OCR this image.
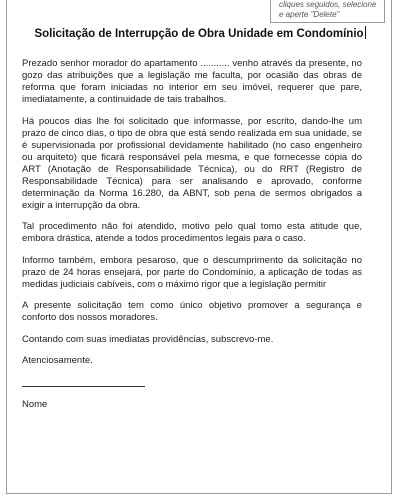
cliques seguidos, selecione e aperte "Delete"
Solicitação de Interrupção de Obra Unidade em Condomínio

Prezado senhor morador do apartamento ........... venho através da presente, no gozo das atribuições que a legislação me faculta, por ocasião das obras de reforma que foram iniciadas no interior em seu imóvel, requerer que pare, imediatamente, a continuidade de tais trabalhos.

Há poucos dias lhe foi solicitado que informasse, por escrito, dando-lhe um prazo de cinco dias, o tipo de obra que está sendo realizada em sua unidade, se é supervisionada por profissional devidamente habilitado (no caso engenheiro ou arquiteto) que ficará responsável pela mesma, e que fornecesse cópia do ART (Anotação de Responsabilidade Técnica), ou do RRT (Registro de Responsabilidade Técnica) para ser analisando e aprovado, conforme determinação da Norma 16.280, da ABNT, sob pena de sermos obrigados a exigir a interrupção da obra.

Tal procedimento não foi atendido, motivo pelo qual tomo esta atitude que, embora drástica, atende a todos procedimentos legais para o caso.

Informo também, embora pesaroso, que o descumprimento da solicitação no prazo de 24 horas ensejará, por parte do Condomínio, a aplicação de todas as medidas judiciais cabíveis, com o máximo rigor que a legislação permitir

A presente solicitação tem como único objetivo promover a segurança e conforto dos nossos moradores.

Contando com suas imediatas providências, subscrevo-me.

Atenciosamente.

Nome
